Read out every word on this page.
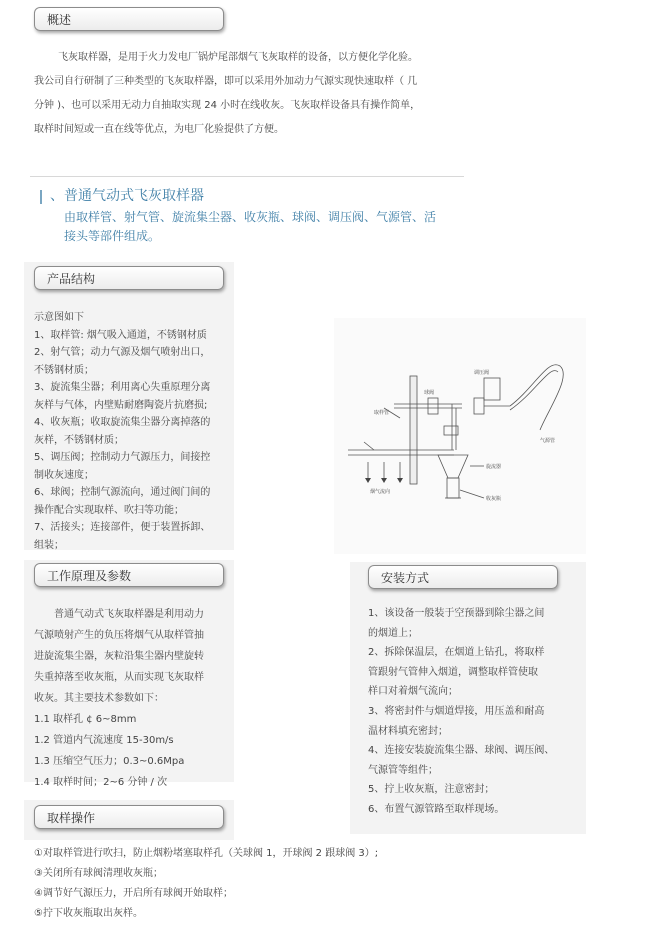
概述

飞灰取样器，是用于火力发电厂锅炉尾部烟气飞灰取样的设备，以方便化学化验。

我公司自行研制了三种类型的飞灰取样器，即可以采用外加动力气源实现快速取样（ 几

分钟 )、也可以采用无动力自抽取实现 24 小时在线收灰。飞灰取样设备具有操作简单，

取样时间短或一直在线等优点，为电厂化验提供了方便。

、普通气动式飞灰取样器

由取样管、射气管、旋流集尘器、收灰瓶、球阀、调压阀、气源管、活

接头等部件组成。

产品结构

示意图如下

1、取样管: 烟气吸入通道，不锈钢材质

2、射气管；动力气源及烟气喷射出口，

不锈钢材质；

3、旋流集尘器；利用离心失重原理分离

灰样与气体，内壁贴耐磨陶瓷片抗磨损;

4、收灰瓶；收取旋流集尘器分离掉落的

灰样，不锈钢材质；

5、调压阀；控制动力气源压力，间接控

制收灰速度；

6、球阀；控制气源流向，通过阀门间的

操作配合实现取样、吹扫等功能；

7、活接头；连接部件，便于装置拆卸、

组装；

取样管
球阀
调压阀
气源管
旋流器
收灰瓶
烟气流向
工作原理及参数

普通气动式飞灰取样器是利用动力

气源喷射产生的负压将烟气从取样管抽

进旋流集尘器，灰粒沿集尘器内壁旋转

失重掉落至收灰瓶，从而实现飞灰取样

收灰。其主要技术参数如下：

1.1 取样孔 ¢ 6~8mm

1.2 管道内气流速度 15-30m/s

1.3 压缩空气压力；0.3~0.6Mpa

1.4 取样时间；2~6 分钟 / 次

安装方式

1、该设备一般装于空预器到除尘器之间

的烟道上；

2、拆除保温层，在烟道上钻孔，将取样

管跟射气管伸入烟道，调整取样管使取

样口对着烟气流向；

3、将密封件与烟道焊接，用压盖和耐高

温材料填充密封；

4、连接安装旋流集尘器、球阀、调压阀、

气源管等组件；

5、拧上收灰瓶，注意密封；

6、布置气源管路至取样现场。

取样操作

①对取样管进行吹扫，防止烟粉堵塞取样孔（关球阀 1，开球阀 2 跟球阀 3）;

③关闭所有球阀清理收灰瓶；

④调节好气源压力，开启所有球阀开始取样；

⑤拧下收灰瓶取出灰样。
